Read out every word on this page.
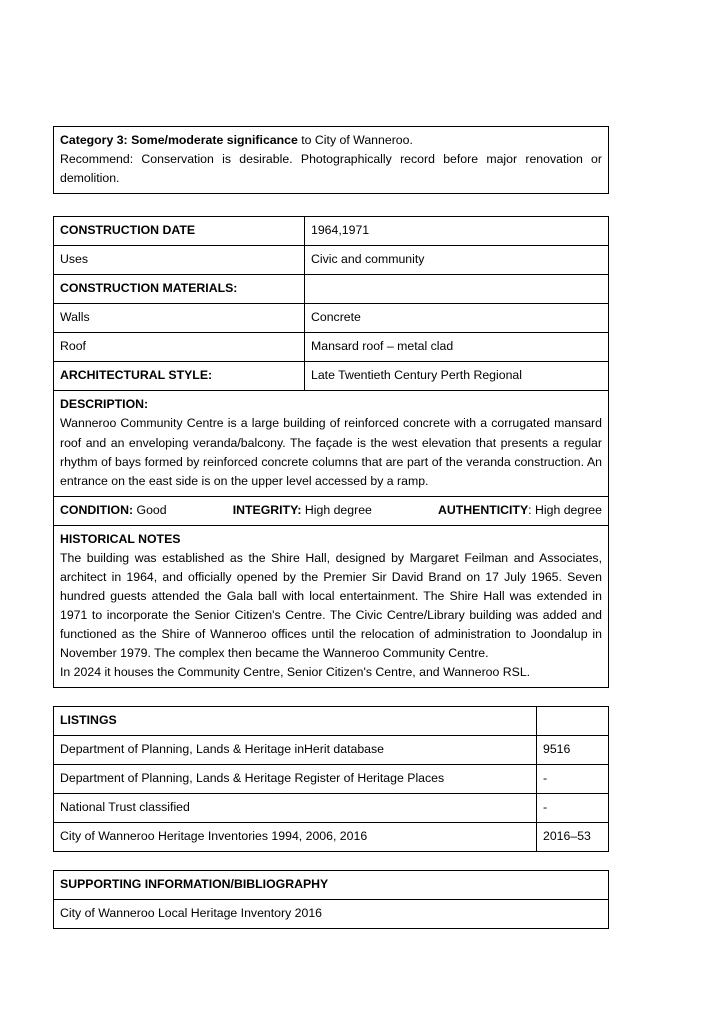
Category 3: Some/moderate significance to City of Wanneroo.
Recommend: Conservation is desirable. Photographically record before major renovation or demolition.
CONSTRUCTION DATE	1964,1971
Uses	Civic and community
CONSTRUCTION MATERIALS:	
Walls	Concrete
Roof	Mansard roof – metal clad
ARCHITECTURAL STYLE:	Late Twentieth Century Perth Regional

DESCRIPTION:
Wanneroo Community Centre is a large building of reinforced concrete with a corrugated mansard roof and an enveloping veranda/balcony. The façade is the west elevation that presents a regular rhythm of bays formed by reinforced concrete columns that are part of the veranda construction. An entrance on the east side is on the upper level accessed by a ramp.	

CONDITION: Good INTEGRITY: High degree AUTHENTICITY: High degree	

HISTORICAL NOTES

The building was established as the Shire Hall, designed by Margaret Feilman and Associates, architect in 1964, and officially opened by the Premier Sir David Brand on 17 July 1965. Seven hundred guests attended the Gala ball with local entertainment. The Shire Hall was extended in 1971 to incorporate the Senior Citizen's Centre. The Civic Centre/Library building was added and functioned as the Shire of Wanneroo offices until the relocation of administration to Joondalup in November 1979. The complex then became the Wanneroo Community Centre.

In 2024 it houses the Community Centre, Senior Citizen's Centre, and Wanneroo RSL.	

LISTINGS	
Department of Planning, Lands & Heritage inHerit database	9516
Department of Planning, Lands & Heritage Register of Heritage Places	-
National Trust classified	-
City of Wanneroo Heritage Inventories 1994, 2006, 2016	2016–53
SUPPORTING INFORMATION/BIBLIOGRAPHY
City of Wanneroo Local Heritage Inventory 2016
